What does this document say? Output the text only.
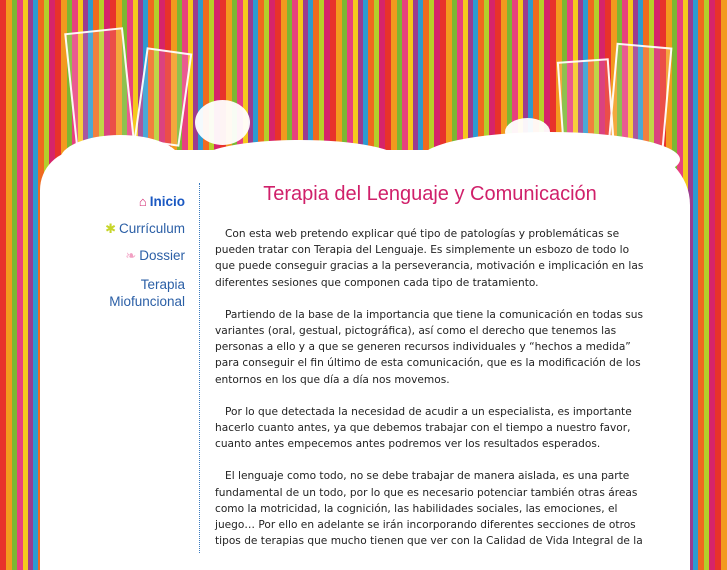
⌂ Inicio
✱ Currículum
❧ Dossier
Terapia Miofuncional
Terapia del Lenguaje y Comunicación

Con esta web pretendo explicar qué tipo de patologías y problemáticas se pueden tratar con Terapia del Lenguaje. Es simplemente un esbozo de todo lo que puede conseguir gracias a la perseverancia, motivación e implicación en las diferentes sesiones que componen cada tipo de tratamiento.

Partiendo de la base de la importancia que tiene la comunicación en todas sus variantes (oral, gestual, pictográfica), así como el derecho que tenemos las personas a ello y a que se generen recursos individuales y “hechos a medida” para conseguir el fin último de esta comunicación, que es la modificación de los entornos en los que día a día nos movemos.

Por lo que detectada la necesidad de acudir a un especialista, es importante hacerlo cuanto antes, ya que debemos trabajar con el tiempo a nuestro favor, cuanto antes empecemos antes podremos ver los resultados esperados.

El lenguaje como todo, no se debe trabajar de manera aislada, es una parte fundamental de un todo, por lo que es necesario potenciar también otras áreas como la motricidad, la cognición, las habilidades sociales, las emociones, el juego… Por ello en adelante se irán incorporando diferentes secciones de otros tipos de terapias que mucho tienen que ver con la Calidad de Vida Integral de la
